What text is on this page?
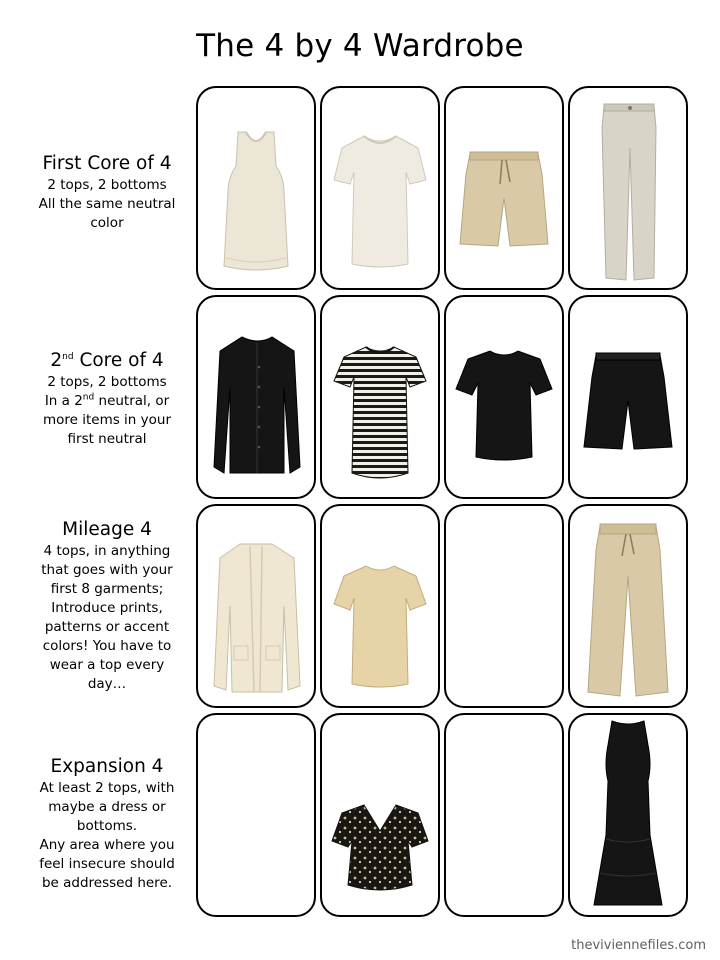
The 4 by 4 Wardrobe
First Core of 4
2 tops, 2 bottoms
All the same neutral
color
2nd Core of 4
2 tops, 2 bottoms
In a 2nd neutral, or
more items in your
first neutral
Mileage 4
4 tops, in anything
that goes with your
first 8 garments;
Introduce prints,
patterns or accent
colors! You have to
wear a top every
day…
Expansion 4
At least 2 tops, with
maybe a dress or
bottoms.
Any area where you
feel insecure should
be addressed here.
theviviennefiles.com
